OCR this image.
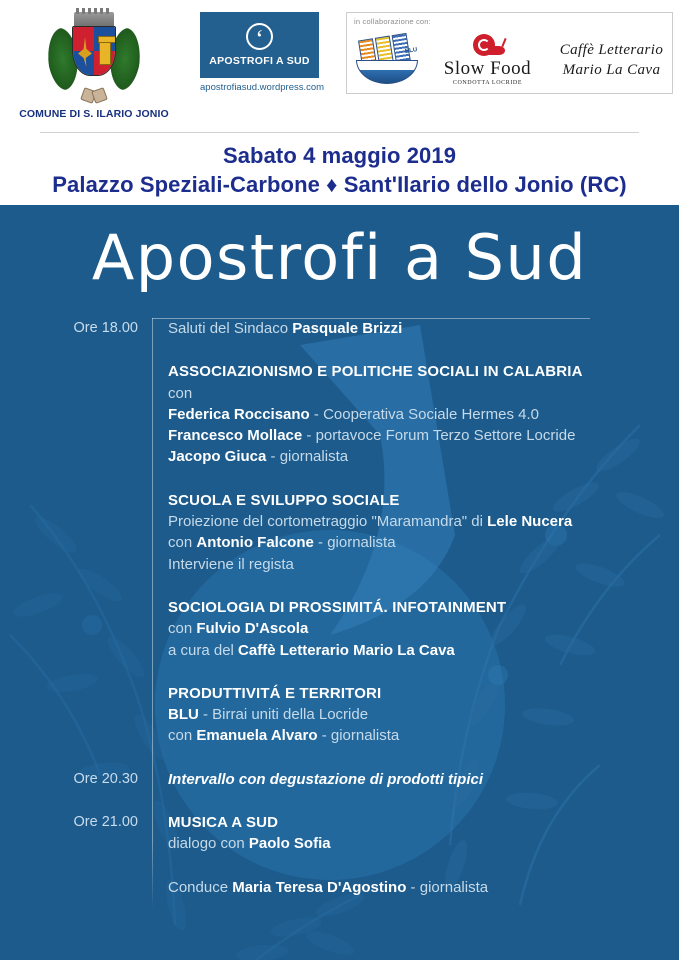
COMUNE DI S. ILARIO JONIO
‘
APOSTROFI A SUD
apostrofiasud.wordpress.com
in collaborazione con:
BLU
Slow Food
CONDOTTA LOCRIDE
Caffè Letterario
Mario La Cava
Sabato 4 maggio 2019
Palazzo Speziali-Carbone ♦ Sant'Ilario dello Jonio (RC)
Apostrofi a Sud
Ore 18.00	Saluti del Sindaco Pasquale Brizzi
ASSOCIAZIONISMO E POLITICHE SOCIALI IN CALABRIA
con
Federica Roccisano - Cooperativa Sociale Hermes 4.0
Francesco Mollace - portavoce Forum Terzo Settore Locride
Jacopo Giuca - giornalista
SCUOLA E SVILUPPO SOCIALE
Proiezione del cortometraggio "Maramandra" di Lele Nucera
con Antonio Falcone - giornalista
Interviene il regista
SOCIOLOGIA DI PROSSIMITÁ. INFOTAINMENT
con Fulvio D'Ascola
a cura del Caffè Letterario Mario La Cava
PRODUTTIVITÁ E TERRITORI
BLU - Birrai uniti della Locride
con Emanuela Alvaro - giornalista
Ore 20.30	Intervallo con degustazione di prodotti tipici
Ore 21.00	MUSICA A SUD
dialogo con Paolo Sofia
Conduce Maria Teresa D'Agostino - giornalista
